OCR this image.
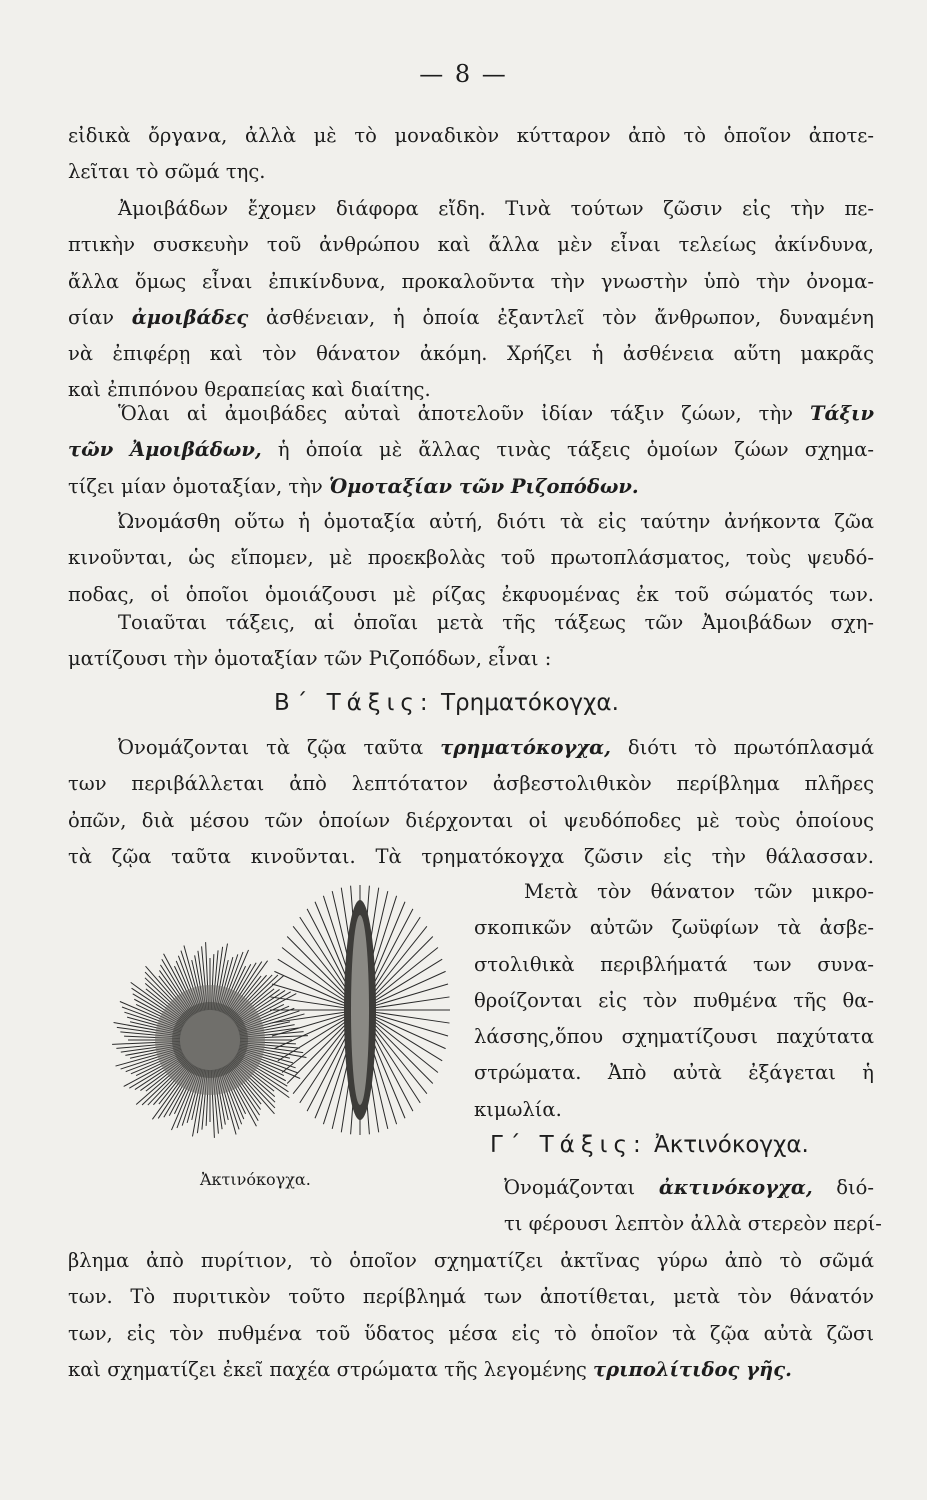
— 8 —
εἰδικὰ ὄργανα, ἀλλὰ μὲ τὸ μοναδικὸν κύτταρον ἀπὸ τὸ ὁποῖον ἀποτε-
λεῖται τὸ σῶμά της.
Ἀμοιβάδων ἔχομεν διάφορα εἴδη. Τινὰ τούτων ζῶσιν εἰς τὴν πε-
πτικὴν συσκευὴν τοῦ ἀνθρώπου καὶ ἄλλα μὲν εἶναι τελείως ἀκίνδυνα,
ἄλλα ὅμως εἶναι ἐπικίνδυνα, προκαλοῦντα τὴν γνωστὴν ὑπὸ τὴν ὀνομα-
σίαν ἀμοιβάδες ἀσθένειαν, ἡ ὁποία ἐξαντλεῖ τὸν ἄνθρωπον, δυναμένη
νὰ ἐπιφέρῃ καὶ τὸν θάνατον ἀκόμη. Χρήζει ἡ ἀσθένεια αὕτη μακρᾶς
καὶ ἐπιπόνου θεραπείας καὶ διαίτης.
Ὅλαι αἱ ἀμοιβάδες αὐταὶ ἀποτελοῦν ἰδίαν τάξιν ζώων, τὴν Τάξιν
τῶν Ἀμοιβάδων, ἡ ὁποία μὲ ἄλλας τινὰς τάξεις ὁμοίων ζώων σχημα-
τίζει μίαν ὁμοταξίαν, τὴν Ὁμοταξίαν τῶν Ριζοπόδων.
Ὠνομάσθη οὕτω ἡ ὁμοταξία αὐτή, διότι τὰ εἰς ταύτην ἀνήκοντα ζῶα
κινοῦνται, ὡς εἴπομεν, μὲ προεκβολὰς τοῦ πρωτοπλάσματος, τοὺς ψευδό-
ποδας, οἱ ὁποῖοι ὁμοιάζουσι μὲ ρίζας ἐκφυομένας ἐκ τοῦ σώματός των.
Τοιαῦται τάξεις, αἱ ὁποῖαι μετὰ τῆς τάξεως τῶν Ἀμοιβάδων σχη-
ματίζουσι τὴν ὁμοταξίαν τῶν Ριζοπόδων, εἶναι :
Β΄ Τάξις: Τρηματόκογχα.
Ὀνομάζονται τὰ ζῷα ταῦτα τρηματόκογχα, διότι τὸ πρωτόπλασμά
των περιβάλλεται ἀπὸ λεπτότατον ἀσβεστολιθικὸν περίβλημα πλῆρες
ὀπῶν, διὰ μέσου τῶν ὁποίων διέρχονται οἱ ψευδόποδες μὲ τοὺς ὁποίους
τὰ ζῷα ταῦτα κινοῦνται. Τὰ τρηματόκογχα ζῶσιν εἰς τὴν θάλασσαν.
Ἀκτινόκογχα.
Μετὰ τὸν θάνατον τῶν μικρο-
σκοπικῶν αὐτῶν ζωϋφίων τὰ ἀσβε-
στολιθικὰ περιβλήματά των συνα-
θροίζονται εἰς τὸν πυθμένα τῆς θα-
λάσσης,ὅπου σχηματίζουσι παχύτατα
στρώματα. Ἀπὸ αὐτὰ ἐξάγεται ἡ
κιμωλία.
Γ΄ Τάξις: Ἀκτινόκογχα.
Ὀνομάζονται ἀκτινόκογχα, διό-
τι φέρουσι λεπτὸν ἀλλὰ στερεὸν περί-
βλημα ἀπὸ πυρίτιον, τὸ ὁποῖον σχηματίζει ἀκτῖνας γύρω ἀπὸ τὸ σῶμά
των. Τὸ πυριτικὸν τοῦτο περίβλημά των ἀποτίθεται, μετὰ τὸν θάνατόν
των, εἰς τὸν πυθμένα τοῦ ὕδατος μέσα εἰς τὸ ὁποῖον τὰ ζῷα αὐτὰ ζῶσι
καὶ σχηματίζει ἐκεῖ παχέα στρώματα τῆς λεγομένης τριπολίτιδος γῆς.
